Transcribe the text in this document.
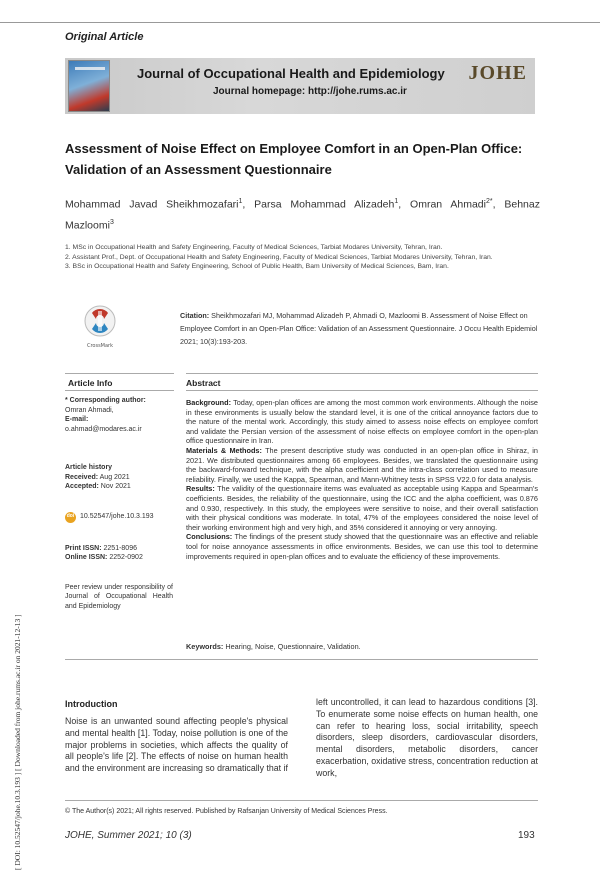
[ DOI: 10.52547/johe.10.3.193 ] [ Downloaded from johe.rums.ac.ir on 2021-12-13 ]
Original Article
Journal of Occupational Health and Epidemiology
Journal homepage: http://johe.rums.ac.ir
JOHE
Assessment of Noise Effect on Employee Comfort in an Open-Plan Office: Validation of an Assessment Questionnaire
Mohammad Javad Sheikhmozafari$^1$, Parsa Mohammad Alizadeh$^1$, Omran Ahmadi$^{2*}$, Behnaz Mazloomi$^3$
1. MSc in Occupational Health and Safety Engineering, Faculty of Medical Sciences, Tarbiat Modares University, Tehran, Iran.
2. Assistant Prof., Dept. of Occupational Health and Safety Engineering, Faculty of Medical Sciences, Tarbiat Modares University, Tehran, Iran.
3. BSc in Occupational Health and Safety Engineering, School of Public Health, Bam University of Medical Sciences, Bam, Iran.
CrossMark
Citation: Sheikhmozafari MJ, Mohammad Alizadeh P, Ahmadi O, Mazloomi B. Assessment of Noise Effect on Employee Comfort in an Open-Plan Office: Validation of an Assessment Questionnaire. J Occu Health Epidemiol 2021; 10(3):193-203.
Article Info	Abstract
* Corresponding author:
Omran Ahmadi,
E-mail:
o.ahmad@modares.ac.ir
Article history
Received: Aug 2021
Accepted: Nov 2021
doi 10.52547/johe.10.3.193
Print ISSN: 2251-8096
Online ISSN: 2252-0902
Peer review under responsibility of Journal of Occupational Health and Epidemiology
Background: Today, open-plan offices are among the most common work environments. Although the noise in these environments is usually below the standard level, it is one of the critical annoyance factors due to the nature of the mental work. Accordingly, this study aimed to assess noise effects on employee comfort and validate the Persian version of the assessment of noise effects on employee comfort in the open-plan office questionnaire in Iran.
Materials & Methods: The present descriptive study was conducted in an open-plan office in Shiraz, in 2021. We distributed questionnaires among 66 employees. Besides, we translated the questionnaire using the backward-forward technique, with the alpha coefficient and the intra-class correlation used to measure reliability. Finally, we used the Kappa, Spearman, and Mann-Whitney tests in SPSS V22.0 for data analysis.
Results: The validity of the questionnaire items was evaluated as acceptable using Kappa and Spearman's coefficients. Besides, the reliability of the questionnaire, using the ICC and the alpha coefficient, was 0.876 and 0.930, respectively. In this study, the employees were sensitive to noise, and their overall satisfaction with their physical conditions was moderate. In total, 47% of the employees considered the noise level of their working environment high and very high, and 35% considered it annoying or very annoying.
Conclusions: The findings of the present study showed that the questionnaire was an effective and reliable tool for noise annoyance assessments in office environments. Besides, we can use this tool to determine improvements required in open-plan offices and to evaluate the efficiency of these improvements.
Keywords: Hearing, Noise, Questionnaire, Validation.
Introduction
Noise is an unwanted sound affecting people's physical and mental health [1]. Today, noise pollution is one of the major problems in societies, which affects the quality of all people's life [2]. The effects of noise on human health and the environment are increasing so dramatically that if
left uncontrolled, it can lead to hazardous conditions [3]. To enumerate some noise effects on human health, one can refer to hearing loss, social irritability, speech disorders, sleep disorders, cardiovascular disorders, mental disorders, metabolic disorders, cancer exacerbation, oxidative stress, concentration reduction at work,
© The Author(s) 2021; All rights reserved. Published by Rafsanjan University of Medical Sciences Press.
JOHE, Summer 2021; 10 (3)	193
